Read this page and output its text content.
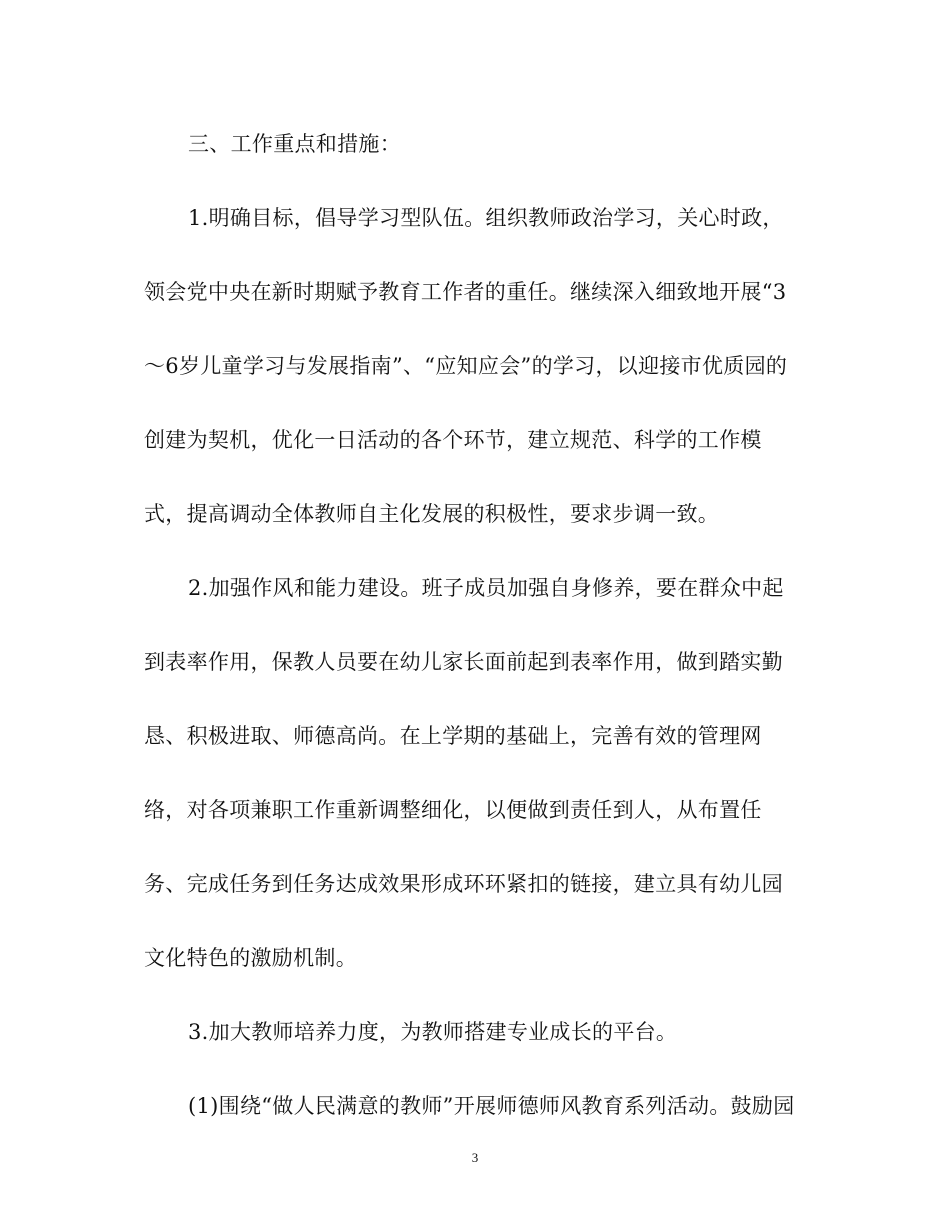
三、工作重点和措施：
1.明确目标，倡导学习型队伍。组织教师政治学习，关心时政，
领会党中央在新时期赋予教育工作者的重任。继续深入细致地开展“3
～6岁儿童学习与发展指南”、“应知应会”的学习，以迎接市优质园的
创建为契机，优化一日活动的各个环节，建立规范、科学的工作模
式，提高调动全体教师自主化发展的积极性，要求步调一致。
2.加强作风和能力建设。班子成员加强自身修养，要在群众中起
到表率作用，保教人员要在幼儿家长面前起到表率作用，做到踏实勤
恳、积极进取、师德高尚。在上学期的基础上，完善有效的管理网
络，对各项兼职工作重新调整细化，以便做到责任到人，从布置任
务、完成任务到任务达成效果形成环环紧扣的链接，建立具有幼儿园
文化特色的激励机制。
3.加大教师培养力度，为教师搭建专业成长的平台。
(1)围绕“做人民满意的教师”开展师德师风教育系列活动。鼓励园
3
